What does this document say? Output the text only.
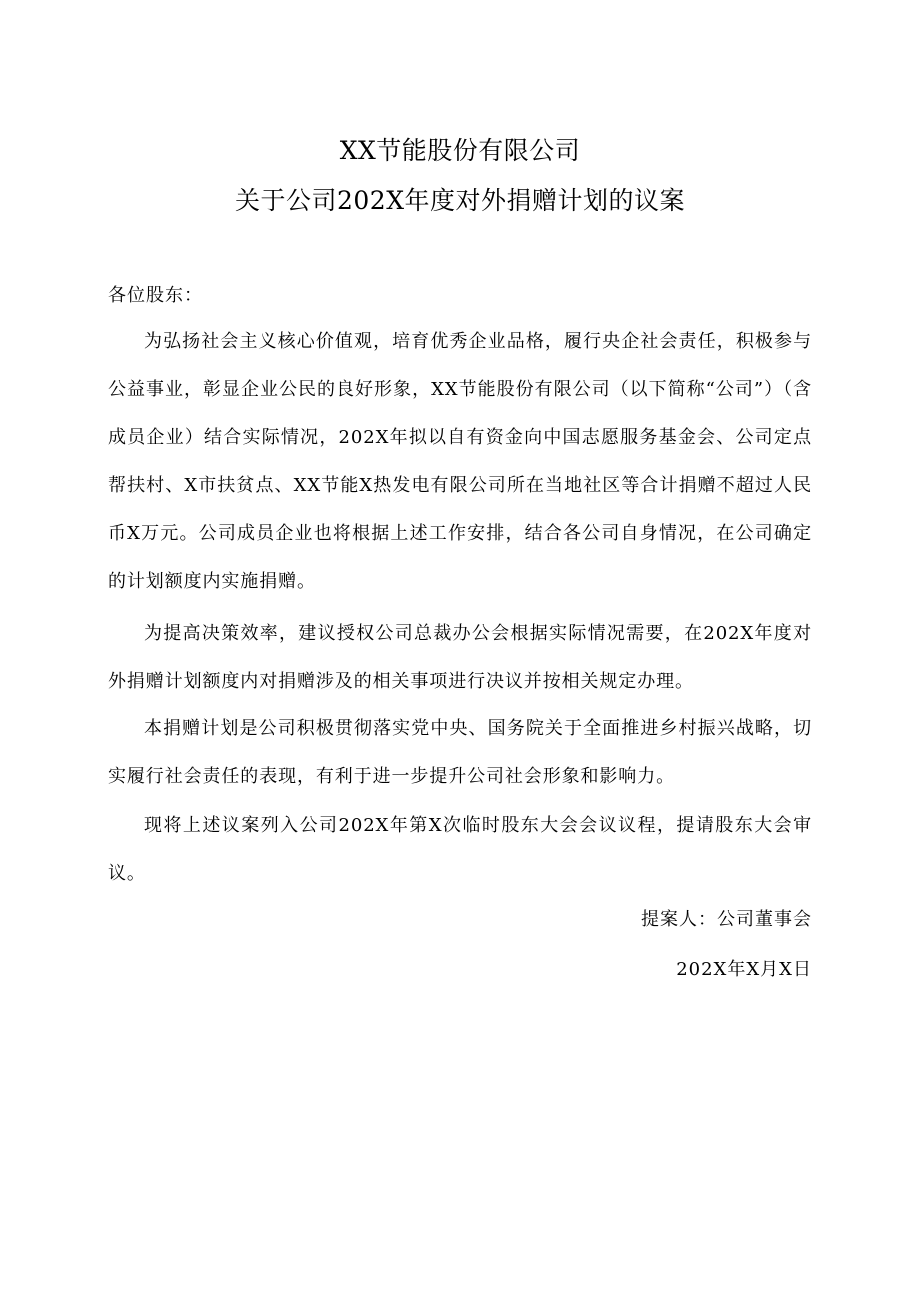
XX节能股份有限公司
关于公司202X年度对外捐赠计划的议案
各位股东：

为弘扬社会主义核心价值观，培育优秀企业品格，履行央企社会责任，积极参与公益事业，彰显企业公民的良好形象，XX节能股份有限公司（以下简称“公司”）（含成员企业）结合实际情况，202X年拟以自有资金向中国志愿服务基金会、公司定点帮扶村、X市扶贫点、XX节能X热发电有限公司所在当地社区等合计捐赠不超过人民币X万元。公司成员企业也将根据上述工作安排，结合各公司自身情况，在公司确定的计划额度内实施捐赠。

为提高决策效率，建议授权公司总裁办公会根据实际情况需要，在202X年度对外捐赠计划额度内对捐赠涉及的相关事项进行决议并按相关规定办理。

本捐赠计划是公司积极贯彻落实党中央、国务院关于全面推进乡村振兴战略，切实履行社会责任的表现，有利于进一步提升公司社会形象和影响力。

现将上述议案列入公司202X年第X次临时股东大会会议议程，提请股东大会审议。

提案人：公司董事会
202X年X月X日
